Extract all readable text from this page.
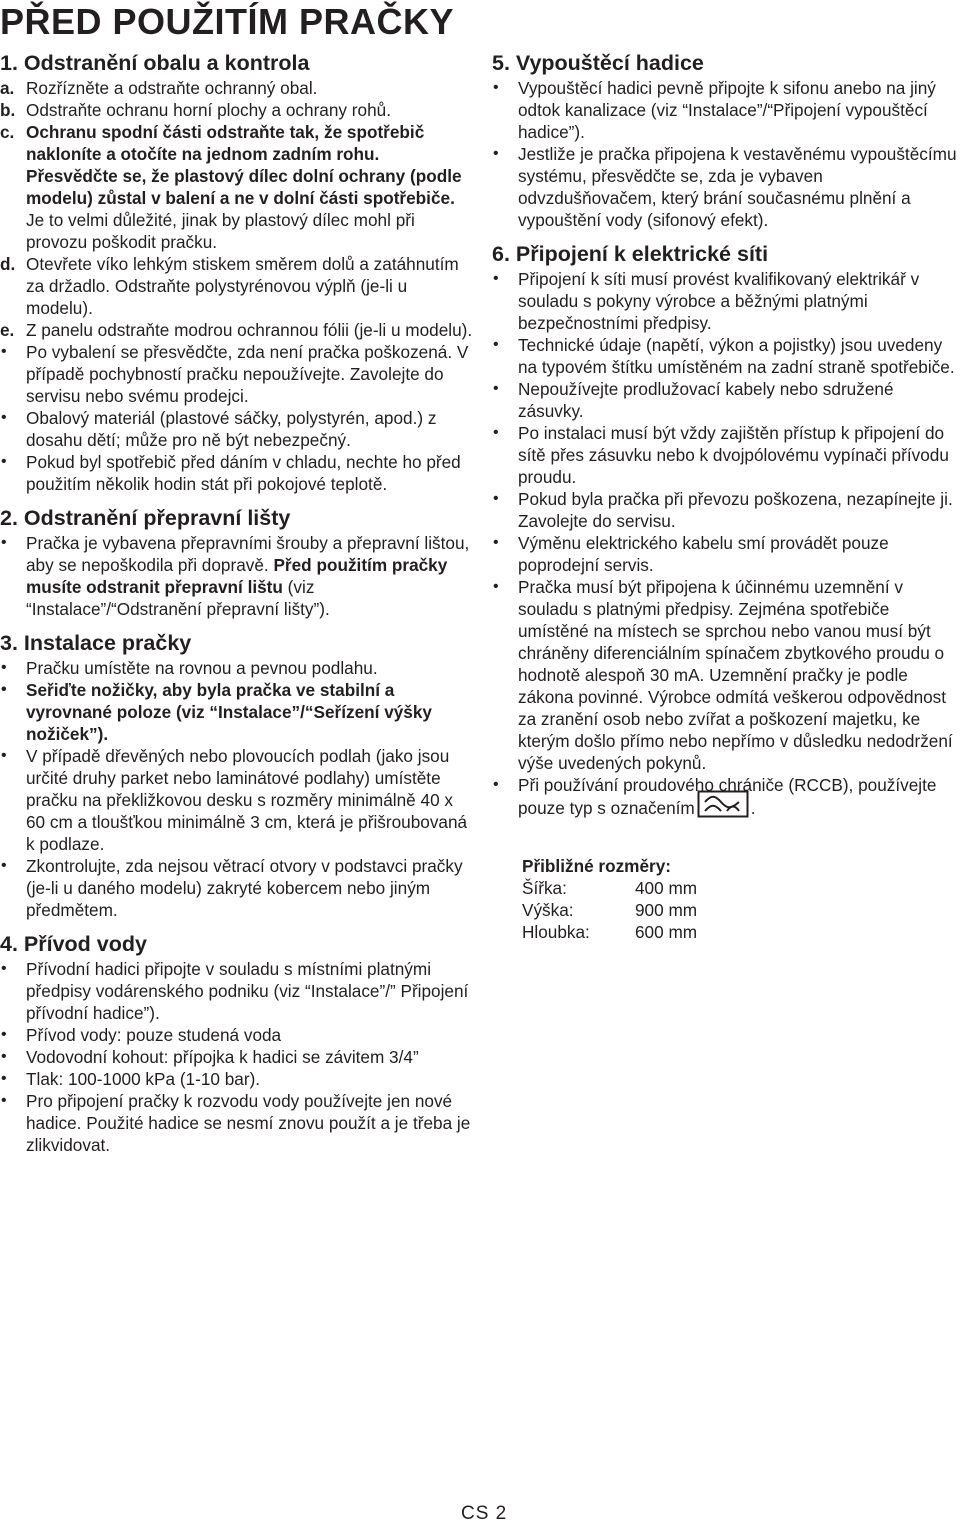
PŘED POUŽITÍM PRAČKY
1. Odstranění obalu a kontrola

a. Rozřízněte a odstraňte ochranný obal.

b. Odstraňte ochranu horní plochy a ochrany rohů.

c. Ochranu spodní části odstraňte tak, že spotřebič nakloníte a otočíte na jednom zadním rohu. Přesvědčte se, že plastový dílec dolní ochrany (podle modelu) zůstal v balení a ne v dolní části spotřebiče. Je to velmi důležité, jinak by plastový dílec mohl při provozu poškodit pračku.

d. Otevřete víko lehkým stiskem směrem dolů a zatáhnutím za držadlo. Odstraňte polystyrénovou výplň (je-li u modelu).

e. Z panelu odstraňte modrou ochrannou fólii (je-li u modelu).

• Po vybalení se přesvědčte, zda není pračka poškozená. V případě pochybností pračku nepoužívejte. Zavolejte do servisu nebo svému prodejci.

• Obalový materiál (plastové sáčky, polystyrén, apod.) z dosahu dětí; může pro ně být nebezpečný.

• Pokud byl spotřebič před dáním v chladu, nechte ho před použitím několik hodin stát při pokojové teplotě.

2. Odstranění přepravní lišty

• Pračka je vybavena přepravními šrouby a přepravní lištou, aby se nepoškodila při dopravě. Před použitím pračky musíte odstranit přepravní lištu (viz “Instalace”/“Odstranění přepravní lišty”).

3. Instalace pračky

• Pračku umístěte na rovnou a pevnou podlahu.

• Seřiďte nožičky, aby byla pračka ve stabilní a vyrovnané poloze (viz “Instalace”/“Seřízení výšky nožiček”).

• V případě dřevěných nebo plovoucích podlah (jako jsou určité druhy parket nebo laminátové podlahy) umístěte pračku na překližkovou desku s rozměry minimálně 40 x 60 cm a tloušťkou minimálně 3 cm, která je přišroubovaná k podlaze.

• Zkontrolujte, zda nejsou větrací otvory v podstavci pračky (je-li u daného modelu) zakryté kobercem nebo jiným předmětem.

4. Přívod vody

• Přívodní hadici připojte v souladu s místními platnými předpisy vodárenského podniku (viz “Instalace”/” Připojení přívodní hadice”).

• Přívod vody: pouze studená voda

• Vodovodní kohout: přípojka k hadici se závitem 3/4”

• Tlak: 100-1000 kPa (1-10 bar).

• Pro připojení pračky k rozvodu vody používejte jen nové hadice. Použité hadice se nesmí znovu použít a je třeba je zlikvidovat.

5. Vypouštěcí hadice

• Vypouštěcí hadici pevně připojte k sifonu anebo na jiný odtok kanalizace (viz “Instalace”/“Připojení vypouštěcí hadice”).

• Jestliže je pračka připojena k vestavěnému vypouštěcímu systému, přesvědčte se, zda je vybaven odvzdušňovačem, který brání současnému plnění a vypouštění vody (sifonový efekt).

6. Připojení k elektrické síti

• Připojení k síti musí provést kvalifikovaný elektrikář v souladu s pokyny výrobce a běžnými platnými bezpečnostními předpisy.

• Technické údaje (napětí, výkon a pojistky) jsou uvedeny na typovém štítku umístěném na zadní straně spotřebiče.

• Nepoužívejte prodlužovací kabely nebo sdružené zásuvky.

• Po instalaci musí být vždy zajištěn přístup k připojení do sítě přes zásuvku nebo k dvojpólovému vypínači přívodu proudu.

• Pokud byla pračka při převozu poškozena, nezapínejte ji. Zavolejte do servisu.

• Výměnu elektrického kabelu smí provádět pouze poprodejní servis.

• Pračka musí být připojena k účinnému uzemnění v souladu s platnými předpisy. Zejména spotřebiče umístěné na místech se sprchou nebo vanou musí být chráněny diferenciálním spínačem zbytkového proudu o hodnotě alespoň 30 mA. Uzemnění pračky je podle zákona povinné. Výrobce odmítá veškerou odpovědnost za zranění osob nebo zvířat a poškození majetku, ke kterým došlo přímo nebo nepřímo v důsledku nedodržení výše uvedených pokynů.

• Při používání proudového chrániče (RCCB), používejte pouze typ s označením	.

Přibližné rozměry:
Šířka:	400 mm
Výška:	900 mm
Hloubka:	600 mm
CS 2
